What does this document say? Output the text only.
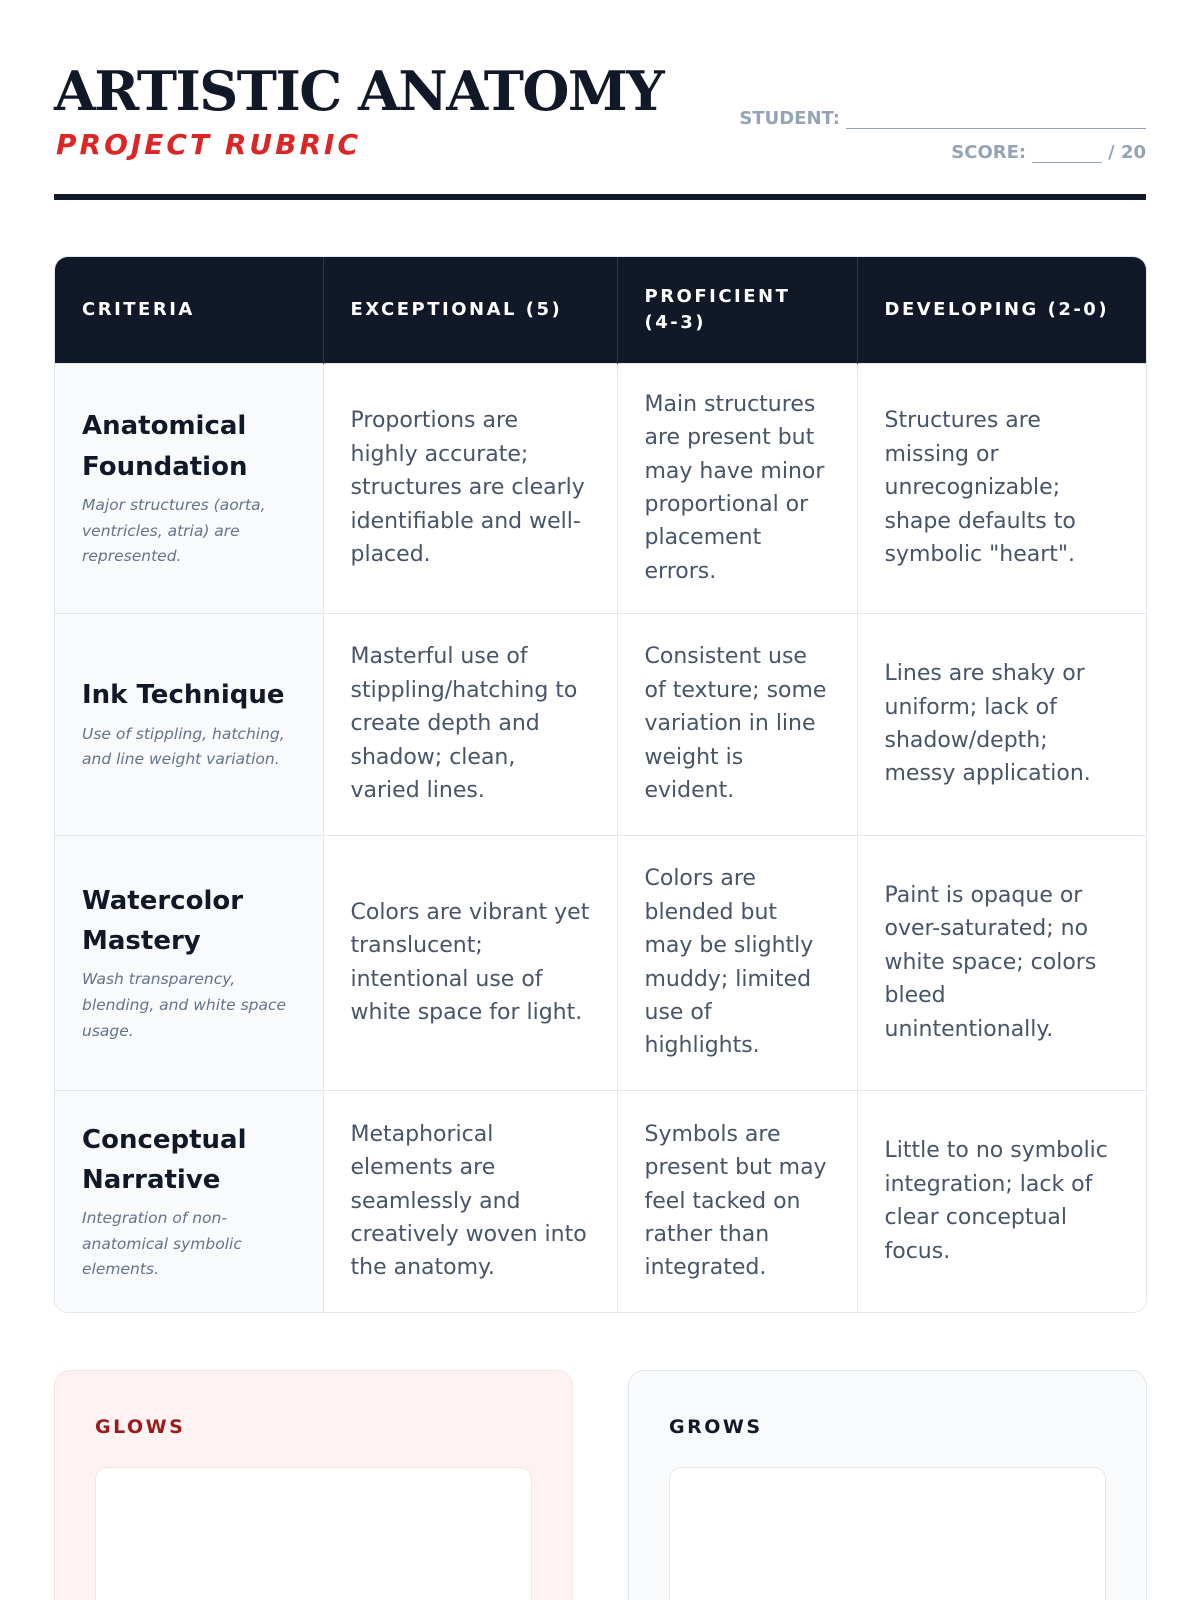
ARTISTIC ANATOMY
PROJECT RUBRIC
STUDENT:
SCORE:	/ 20
CRITERIA	EXCEPTIONAL (5)	PROFICIENT (4-3)	DEVELOPING (2-0)

Anatomical Foundation
Major structures (aorta, ventricles, atria) are represented.	Proportions are highly accurate; structures are clearly identifiable and well-placed.	Main structures are present but may have minor proportional or placement errors.	Structures are missing or unrecognizable; shape defaults to symbolic "heart".

Ink Technique
Use of stippling, hatching, and line weight variation.	Masterful use of stippling/hatching to create depth and shadow; clean, varied lines.	Consistent use of texture; some variation in line weight is evident.	Lines are shaky or uniform; lack of shadow/depth; messy application.

Watercolor Mastery
Wash transparency, blending, and white space usage.	Colors are vibrant yet translucent; intentional use of white space for light.	Colors are blended but may be slightly muddy; limited use of highlights.	Paint is opaque or over-saturated; no white space; colors bleed unintentionally.

Conceptual Narrative
Integration of non-anatomical symbolic elements.	Metaphorical elements are seamlessly and creatively woven into the anatomy.	Symbols are present but may feel tacked on rather than integrated.	Little to no symbolic integration; lack of clear conceptual focus.
GLOWS	GROWS
